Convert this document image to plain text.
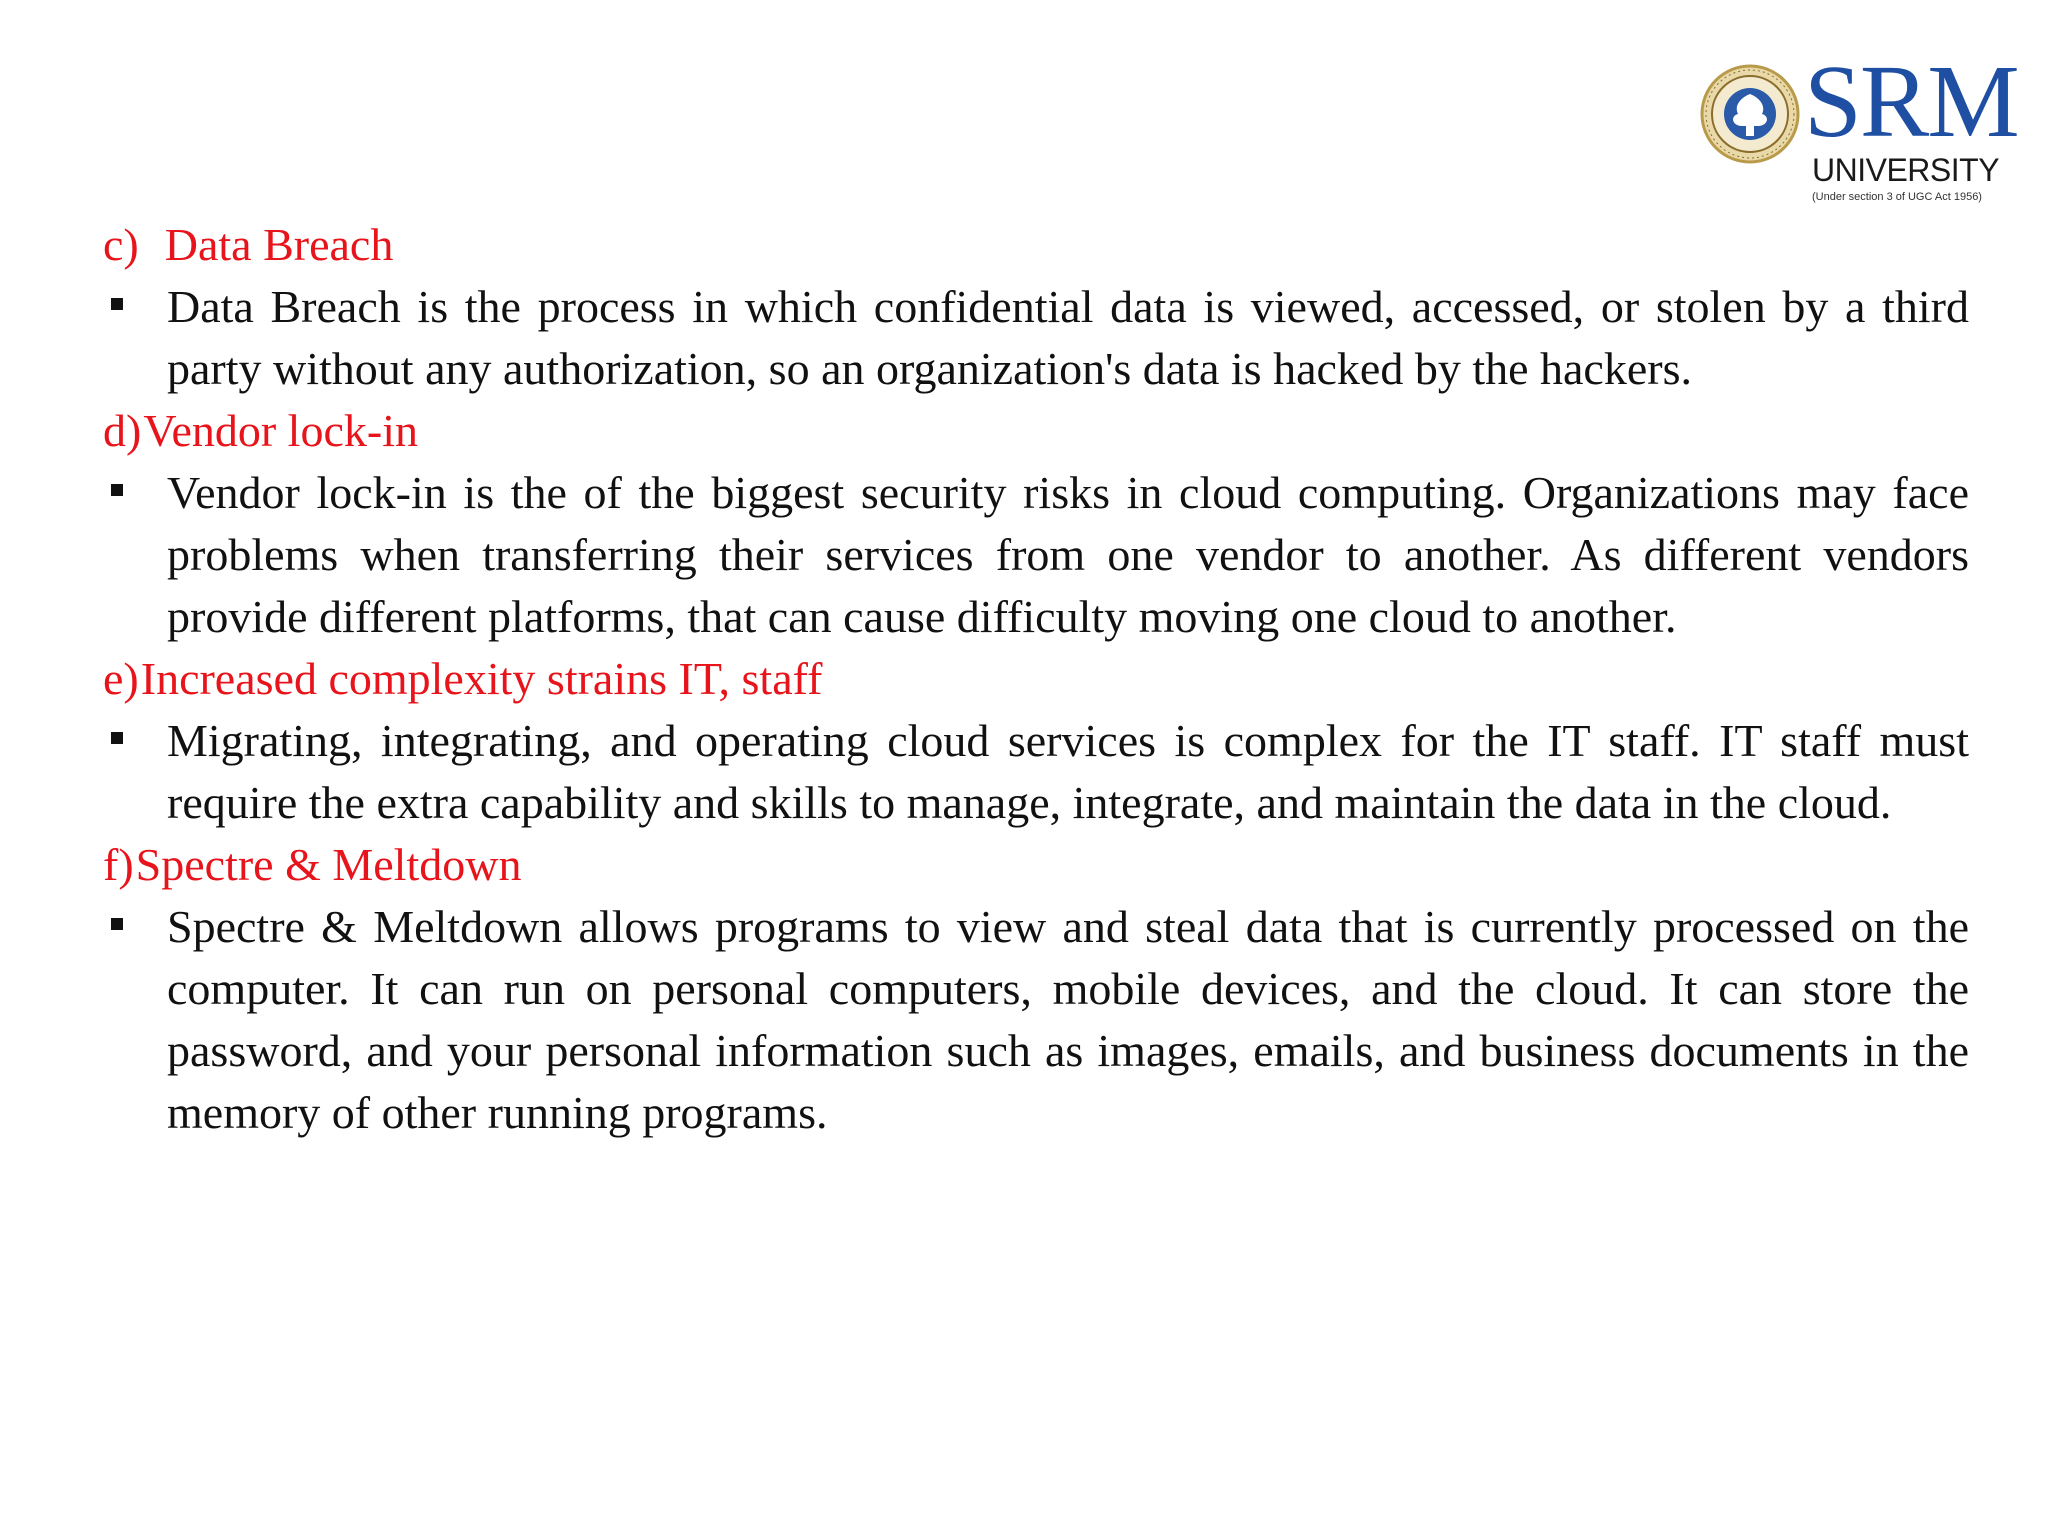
SRM
UNIVERSITY
(Under section 3 of UGC Act 1956)

c) Data Breach

Data Breach is the process in which confidential data is viewed, accessed, or stolen by a third party without any authorization, so an organization's data is hacked by the hackers.

d)Vendor lock-in

Vendor lock-in is the of the biggest security risks in cloud computing. Organizations may face problems when transferring their services from one vendor to another. As different vendors provide different platforms, that can cause difficulty moving one cloud to another.

e)Increased complexity strains IT, staff

Migrating, integrating, and operating cloud services is complex for the IT staff. IT staff must require the extra capability and skills to manage, integrate, and maintain the data in the cloud.

f)Spectre & Meltdown

Spectre & Meltdown allows programs to view and steal data that is currently processed on the computer. It can run on personal computers, mobile devices, and the cloud. It can store the password, and your personal information such as images, emails, and business documents in the memory of other running programs.
